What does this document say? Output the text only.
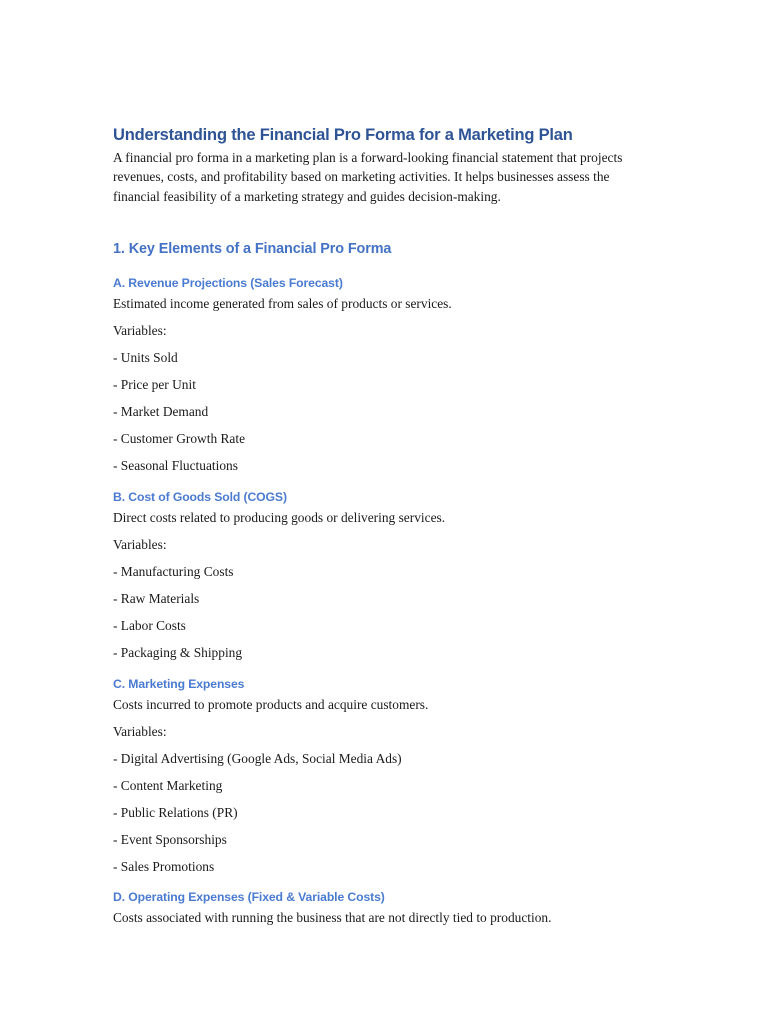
Understanding the Financial Pro Forma for a Marketing Plan

A financial pro forma in a marketing plan is a forward-looking financial statement that projects revenues, costs, and profitability based on marketing activities. It helps businesses assess the financial feasibility of a marketing strategy and guides decision-making.

1. Key Elements of a Financial Pro Forma
A. Revenue Projections (Sales Forecast)

Estimated income generated from sales of products or services.

Variables:

- Units Sold

- Price per Unit

- Market Demand

- Customer Growth Rate

- Seasonal Fluctuations

B. Cost of Goods Sold (COGS)

Direct costs related to producing goods or delivering services.

Variables:

- Manufacturing Costs

- Raw Materials

- Labor Costs

- Packaging & Shipping

C. Marketing Expenses

Costs incurred to promote products and acquire customers.

Variables:

- Digital Advertising (Google Ads, Social Media Ads)

- Content Marketing

- Public Relations (PR)

- Event Sponsorships

- Sales Promotions

D. Operating Expenses (Fixed & Variable Costs)

Costs associated with running the business that are not directly tied to production.
